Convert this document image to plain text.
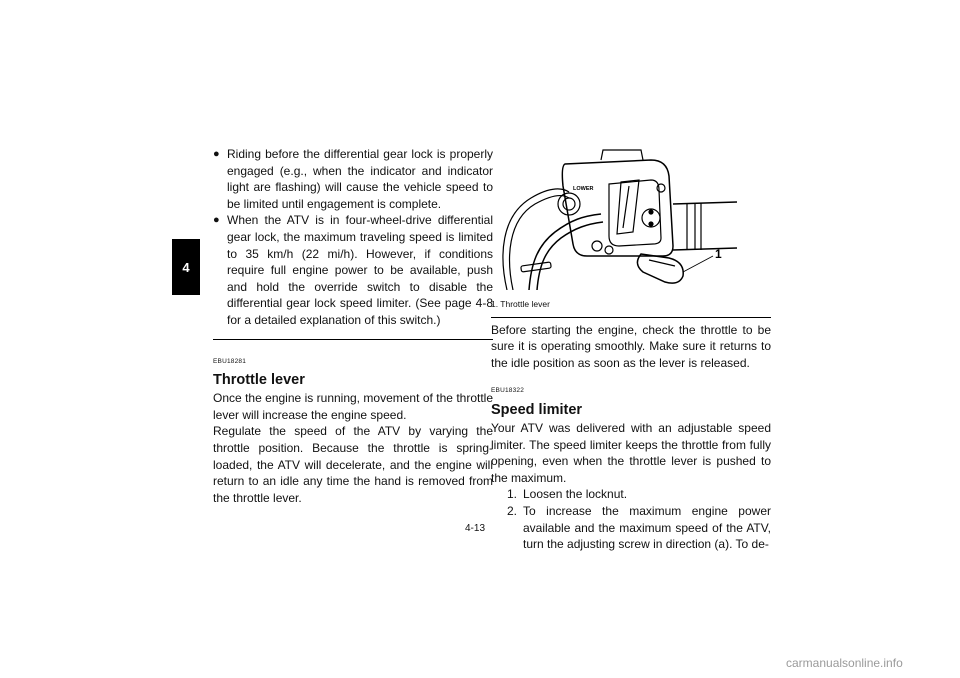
4
● Riding before the differential gear lock is properly engaged (e.g., when the indicator and indicator light are flashing) will cause the vehicle speed to be limited until engagement is complete.
● When the ATV is in four-wheel-drive differential gear lock, the maximum traveling speed is limited to 35 km/h (22 mi/h). However, if conditions require full engine power to be available, push and hold the override switch to disable the differential gear lock speed limiter. (See page 4-8 for a detailed explanation of this switch.)
EBU18281
Throttle lever

Once the engine is running, movement of the throttle lever will increase the engine speed.

Regulate the speed of the ATV by varying the throttle position. Because the throttle is spring-loaded, the ATV will decelerate, and the engine will return to an idle any time the hand is removed from the throttle lever.

LOWER
1
1. Throttle lever

Before starting the engine, check the throttle to be sure it is operating smoothly. Make sure it returns to the idle position as soon as the lever is released.

EBU18322
Speed limiter

Your ATV was delivered with an adjustable speed limiter. The speed limiter keeps the throttle from fully opening, even when the throttle lever is pushed to the maximum.

1. Loosen the locknut.
2. To increase the maximum engine power available and the maximum speed of the ATV, turn the adjusting screw in direction (a). To de-
4-13
carmanualsonline.info
